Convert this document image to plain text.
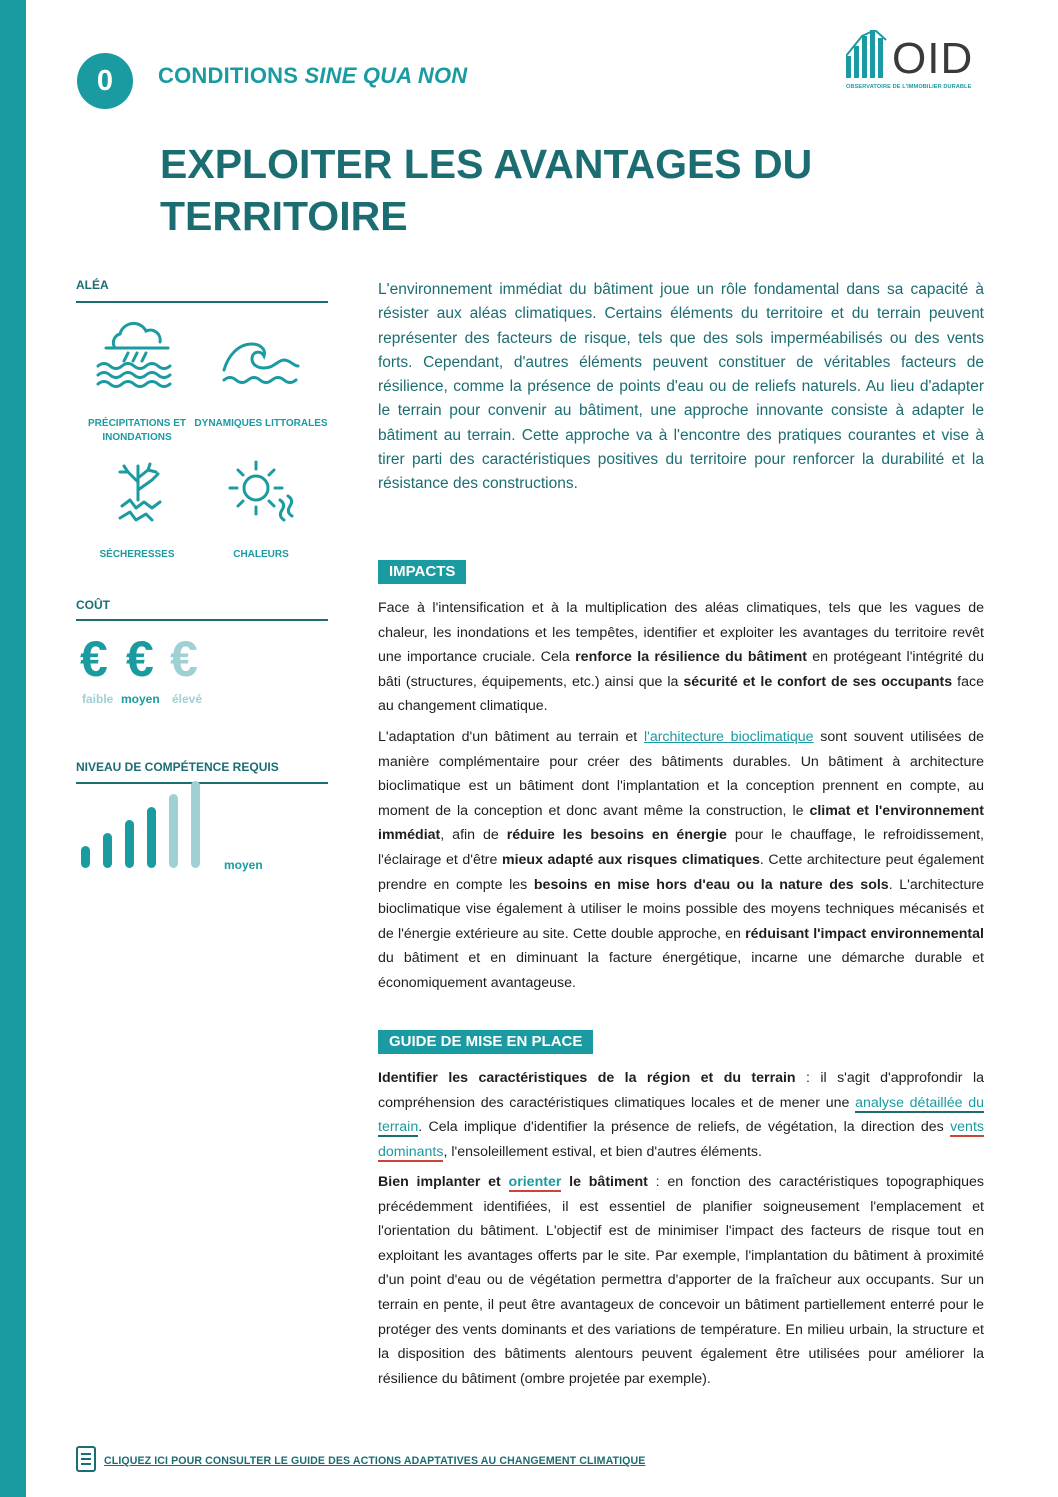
0	CONDITIONS SINE QUA NON	OID
OBSERVATOIRE DE L'IMMOBILIER DURABLE
EXPLOITER LES AVANTAGES DU TERRITOIRE
ALÉA
PRÉCIPITATIONS ET INONDATIONS
DYNAMIQUES LITTORALES
SÉCHERESSES	CHALEURS
COÛT
€ € €
faible moyen élevé
NIVEAU DE COMPÉTENCE REQUIS
moyen
L'environnement immédiat du bâtiment joue un rôle fondamental dans sa capacité à résister aux aléas climatiques. Certains éléments du territoire et du terrain peuvent représenter des facteurs de risque, tels que des sols imperméabilisés ou des vents forts. Cependant, d'autres éléments peuvent constituer de véritables facteurs de résilience, comme la présence de points d'eau ou de reliefs naturels. Au lieu d'adapter le terrain pour convenir au bâtiment, une approche innovante consiste à adapter le bâtiment au terrain. Cette approche va à l'encontre des pratiques courantes et vise à tirer parti des caractéristiques positives du territoire pour renforcer la durabilité et la résistance des constructions.
IMPACTS
Face à l'intensification et à la multiplication des aléas climatiques, tels que les vagues de chaleur, les inondations et les tempêtes, identifier et exploiter les avantages du territoire revêt une importance cruciale. Cela renforce la résilience du bâtiment en protégeant l'intégrité du bâti (structures, équipements, etc.) ainsi que la sécurité et le confort de ses occupants face au changement climatique.
L'adaptation d'un bâtiment au terrain et l'architecture bioclimatique sont souvent utilisées de manière complémentaire pour créer des bâtiments durables. Un bâtiment à architecture bioclimatique est un bâtiment dont l'implantation et la conception prennent en compte, au moment de la conception et donc avant même la construction, le climat et l'environnement immédiat, afin de réduire les besoins en énergie pour le chauffage, le refroidissement, l'éclairage et d'être mieux adapté aux risques climatiques. Cette architecture peut également prendre en compte les besoins en mise hors d'eau ou la nature des sols. L'architecture bioclimatique vise également à utiliser le moins possible des moyens techniques mécanisés et de l'énergie extérieure au site. Cette double approche, en réduisant l'impact environnemental du bâtiment et en diminuant la facture énergétique, incarne une démarche durable et économiquement avantageuse.
GUIDE DE MISE EN PLACE
Identifier les caractéristiques de la région et du terrain : il s'agit d'approfondir la compréhension des caractéristiques climatiques locales et de mener une analyse détaillée du terrain. Cela implique d'identifier la présence de reliefs, de végétation, la direction des vents dominants, l'ensoleillement estival, et bien d'autres éléments.
Bien implanter et orienter le bâtiment : en fonction des caractéristiques topographiques précédemment identifiées, il est essentiel de planifier soigneusement l'emplacement et l'orientation du bâtiment. L'objectif est de minimiser l'impact des facteurs de risque tout en exploitant les avantages offerts par le site. Par exemple, l'implantation du bâtiment à proximité d'un point d'eau ou de végétation permettra d'apporter de la fraîcheur aux occupants. Sur un terrain en pente, il peut être avantageux de concevoir un bâtiment partiellement enterré pour le protéger des vents dominants et des variations de température. En milieu urbain, la structure et la disposition des bâtiments alentours peuvent également être utilisées pour améliorer la résilience du bâtiment (ombre projetée par exemple).
CLIQUEZ ICI POUR CONSULTER LE GUIDE DES ACTIONS ADAPTATIVES AU CHANGEMENT CLIMATIQUE
